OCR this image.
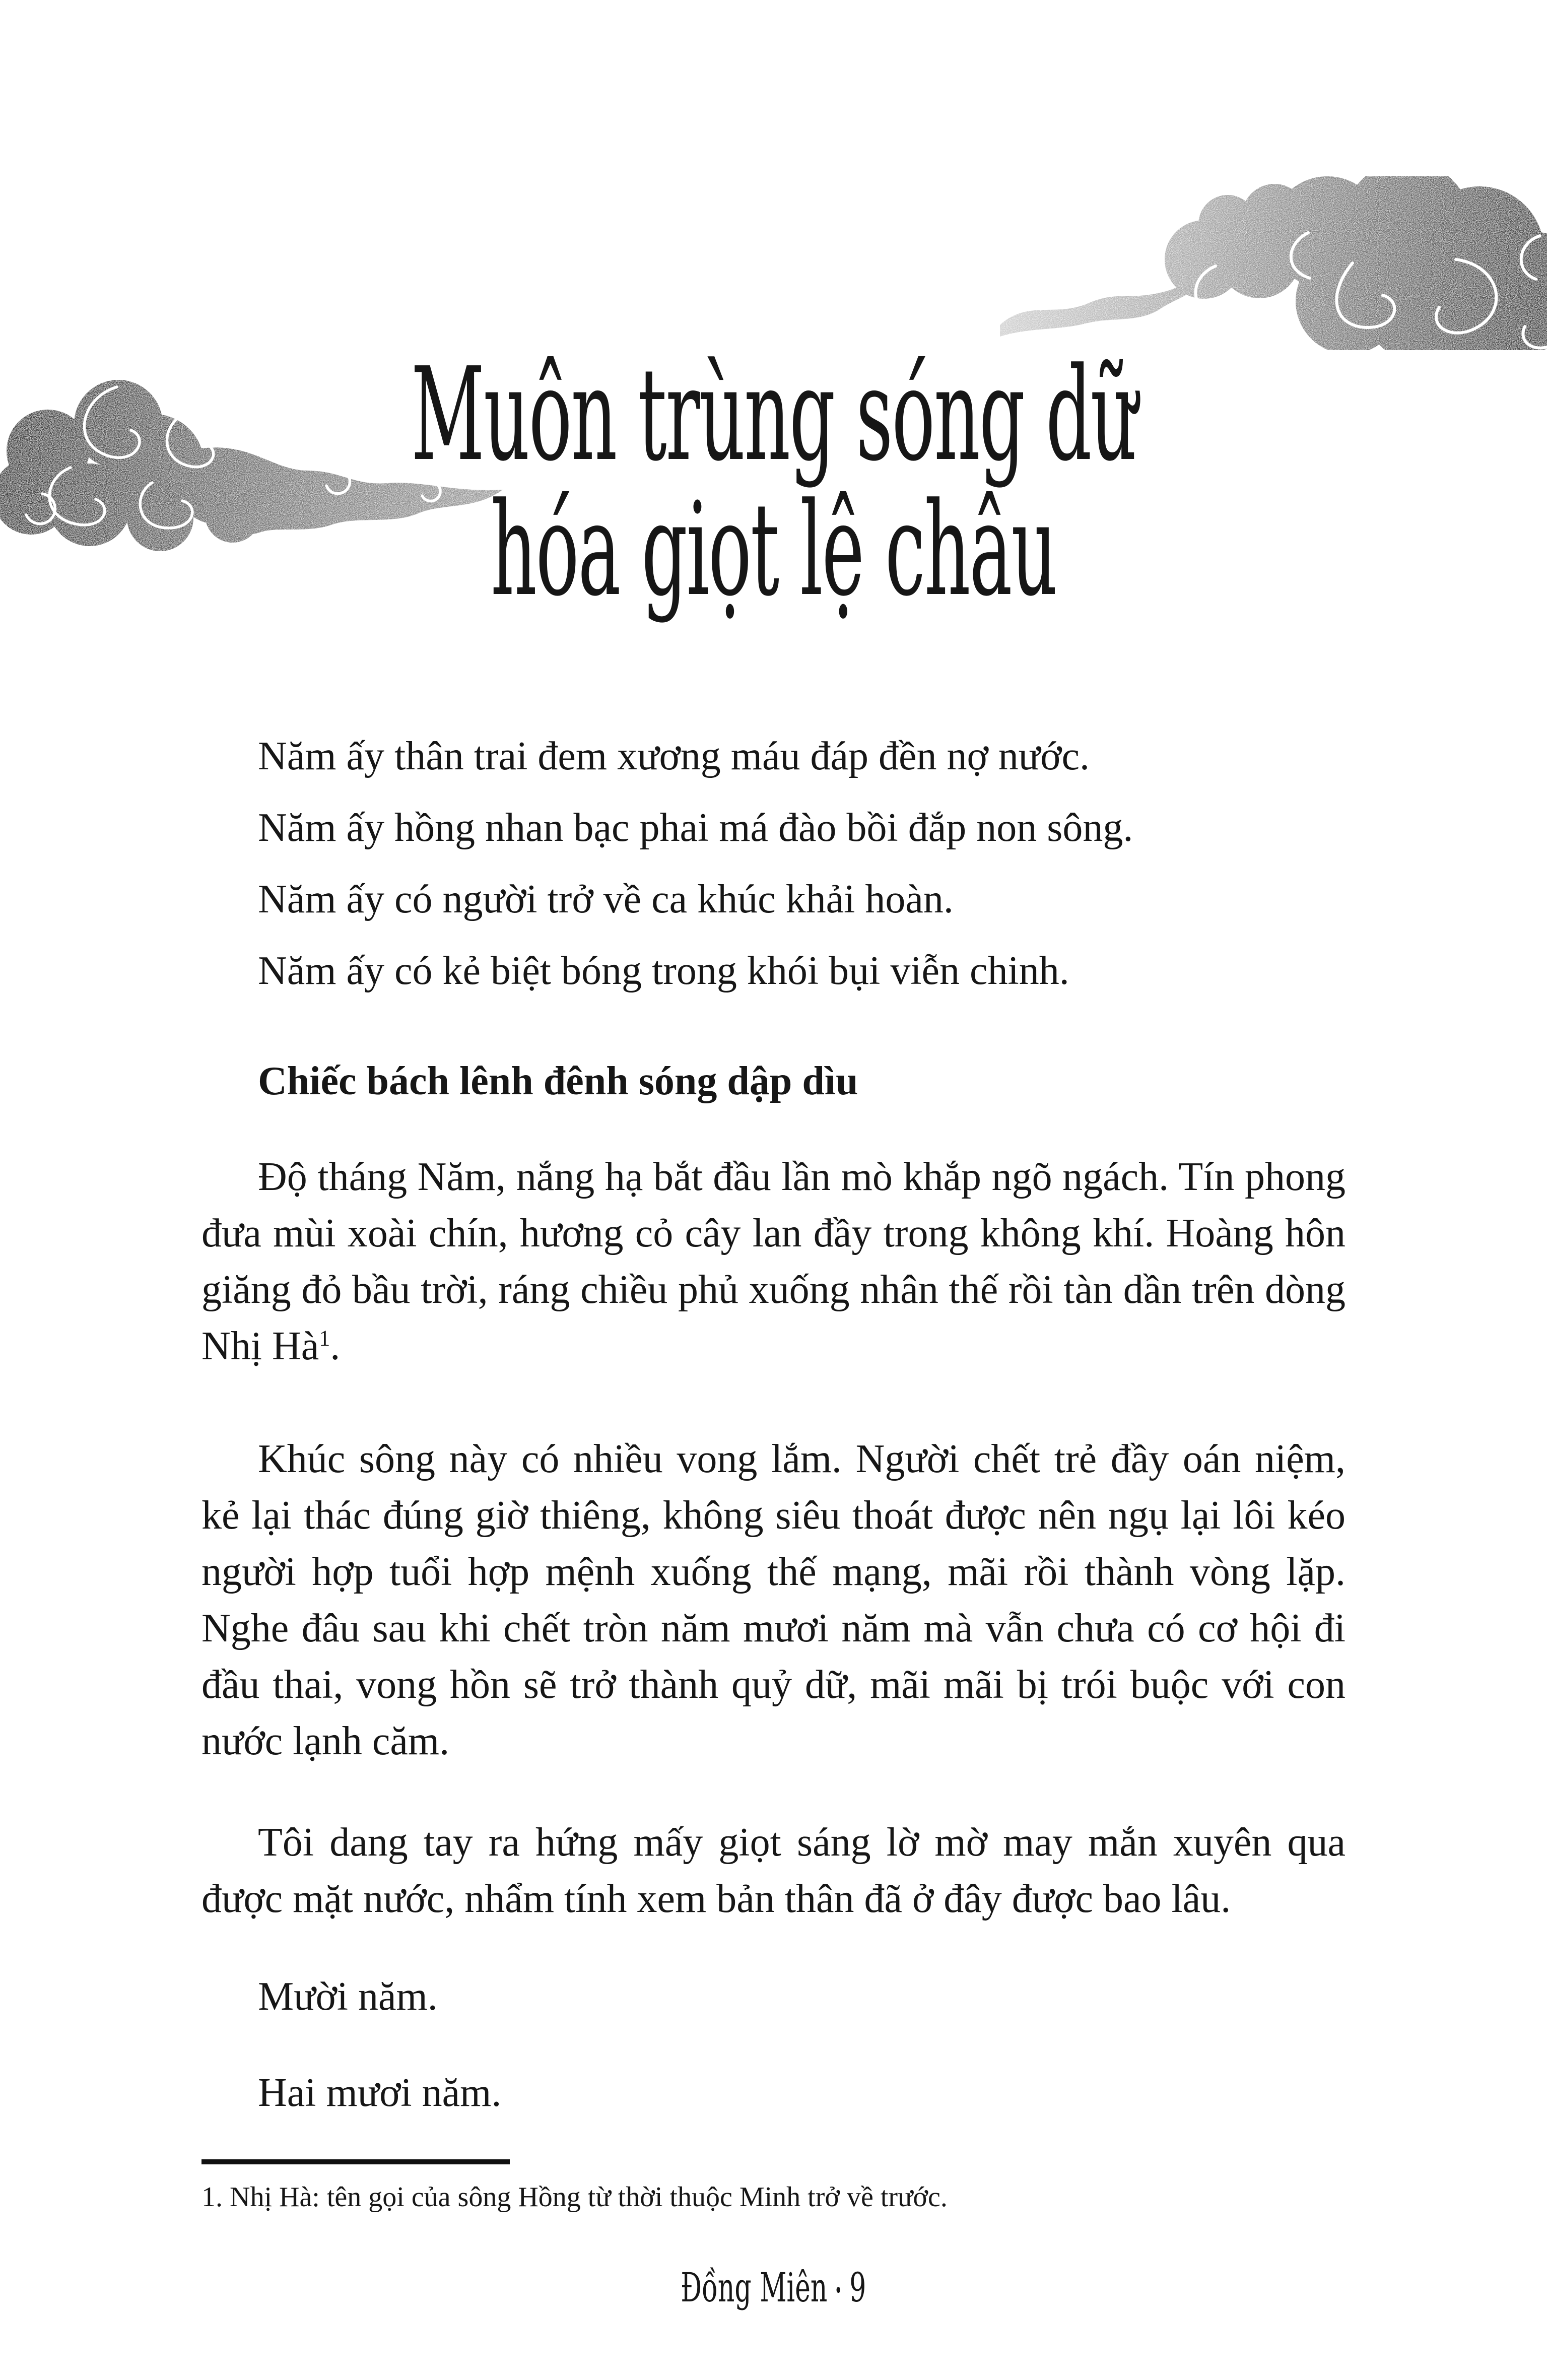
Muôn trùng sóng dữ
hóa giọt lệ châu

Năm ấy thân trai đem xương máu đáp đền nợ nước.

Năm ấy hồng nhan bạc phai má đào bồi đắp non sông.

Năm ấy có người trở về ca khúc khải hoàn.

Năm ấy có kẻ biệt bóng trong khói bụi viễn chinh.

Chiếc bách lênh đênh sóng dập dìu

Độ tháng Năm, nắng hạ bắt đầu lần mò khắp ngõ ngách. Tín phong đưa mùi xoài chín, hương cỏ cây lan đầy trong không khí. Hoàng hôn giăng đỏ bầu trời, ráng chiều phủ xuống nhân thế rồi tàn dần trên dòng Nhị Hà$^1$.

Khúc sông này có nhiều vong lắm. Người chết trẻ đầy oán niệm, kẻ lại thác đúng giờ thiêng, không siêu thoát được nên ngụ lại lôi kéo người hợp tuổi hợp mệnh xuống thế mạng, mãi rồi thành vòng lặp. Nghe đâu sau khi chết tròn năm mươi năm mà vẫn chưa có cơ hội đi đầu thai, vong hồn sẽ trở thành quỷ dữ, mãi mãi bị trói buộc với con nước lạnh căm.

Tôi dang tay ra hứng mấy giọt sáng lờ mờ may mắn xuyên qua được mặt nước, nhẩm tính xem bản thân đã ở đây được bao lâu.

Mười năm.

Hai mươi năm.

1. Nhị Hà: tên gọi của sông Hồng từ thời thuộc Minh trở về trước.

Đồng Miên • 9
